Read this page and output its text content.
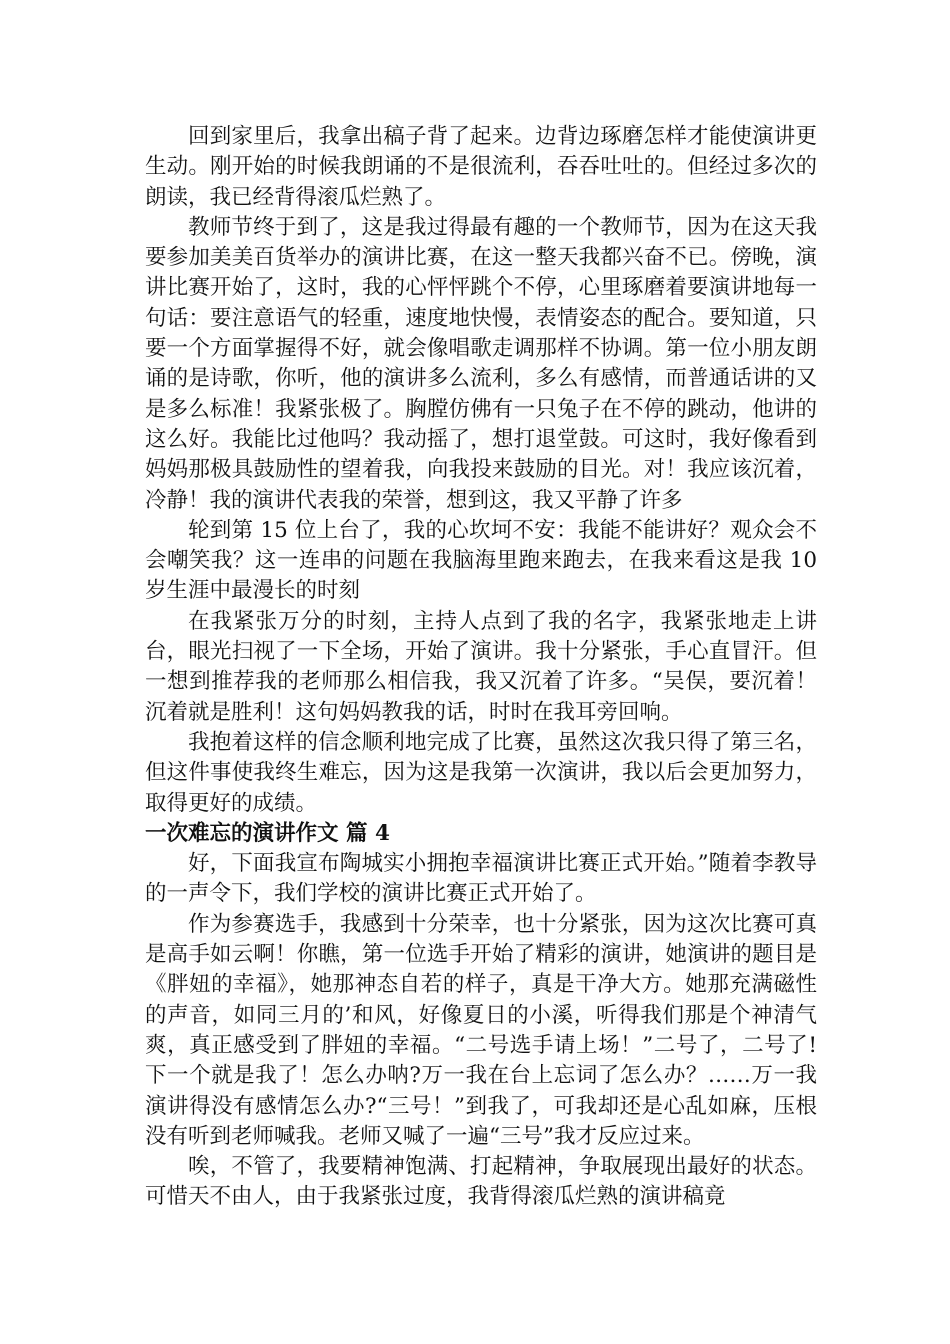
回到家里后，我拿出稿子背了起来。边背边琢磨怎样才能使演讲更生动。刚开始的时候我朗诵的不是很流利，吞吞吐吐的。但经过多次的朗读，我已经背得滚瓜烂熟了。

教师节终于到了，这是我过得最有趣的一个教师节，因为在这天我要参加美美百货举办的演讲比赛，在这一整天我都兴奋不已。傍晚，演讲比赛开始了，这时，我的心怦怦跳个不停，心里琢磨着要演讲地每一句话：要注意语气的轻重，速度地快慢，表情姿态的配合。要知道，只要一个方面掌握得不好，就会像唱歌走调那样不协调。第一位小朋友朗诵的是诗歌，你听，他的演讲多么流利，多么有感情，而普通话讲的又是多么标准！我紧张极了。胸膛仿佛有一只兔子在不停的跳动，他讲的这么好。我能比过他吗？我动摇了，想打退堂鼓。可这时，我好像看到妈妈那极具鼓励性的望着我，向我投来鼓励的目光。对！我应该沉着，冷静！我的演讲代表我的荣誉，想到这，我又平静了许多

轮到第 15 位上台了，我的心坎坷不安：我能不能讲好？观众会不会嘲笑我？这一连串的问题在我脑海里跑来跑去，在我来看这是我 10 岁生涯中最漫长的时刻

在我紧张万分的时刻，主持人点到了我的名字，我紧张地走上讲台，眼光扫视了一下全场，开始了演讲。我十分紧张，手心直冒汗。但一想到推荐我的老师那么相信我，我又沉着了许多。“吴俣，要沉着！沉着就是胜利！这句妈妈教我的话，时时在我耳旁回响。

我抱着这样的信念顺利地完成了比赛，虽然这次我只得了第三名，但这件事使我终生难忘，因为这是我第一次演讲，我以后会更加努力，取得更好的成绩。

一次难忘的演讲作文 篇 4

好，下面我宣布陶城实小拥抱幸福演讲比赛正式开始。”随着李教导的一声令下，我们学校的演讲比赛正式开始了。

作为参赛选手，我感到十分荣幸，也十分紧张，因为这次比赛可真是高手如云啊！你瞧，第一位选手开始了精彩的演讲，她演讲的题目是《胖妞的幸福》，她那神态自若的样子，真是干净大方。她那充满磁性的声音，如同三月的’和风，好像夏日的小溪，听得我们那是个神清气爽，真正感受到了胖妞的幸福。“二号选手请上场！”二号了，二号了!下一个就是我了！怎么办呐?万一我在台上忘词了怎么办？……万一我演讲得没有感情怎么办?“三号！”到我了，可我却还是心乱如麻，压根没有听到老师喊我。老师又喊了一遍“三号”我才反应过来。

唉，不管了，我要精神饱满、打起精神，争取展现出最好的状态。可惜天不由人，由于我紧张过度，我背得滚瓜烂熟的演讲稿竟
